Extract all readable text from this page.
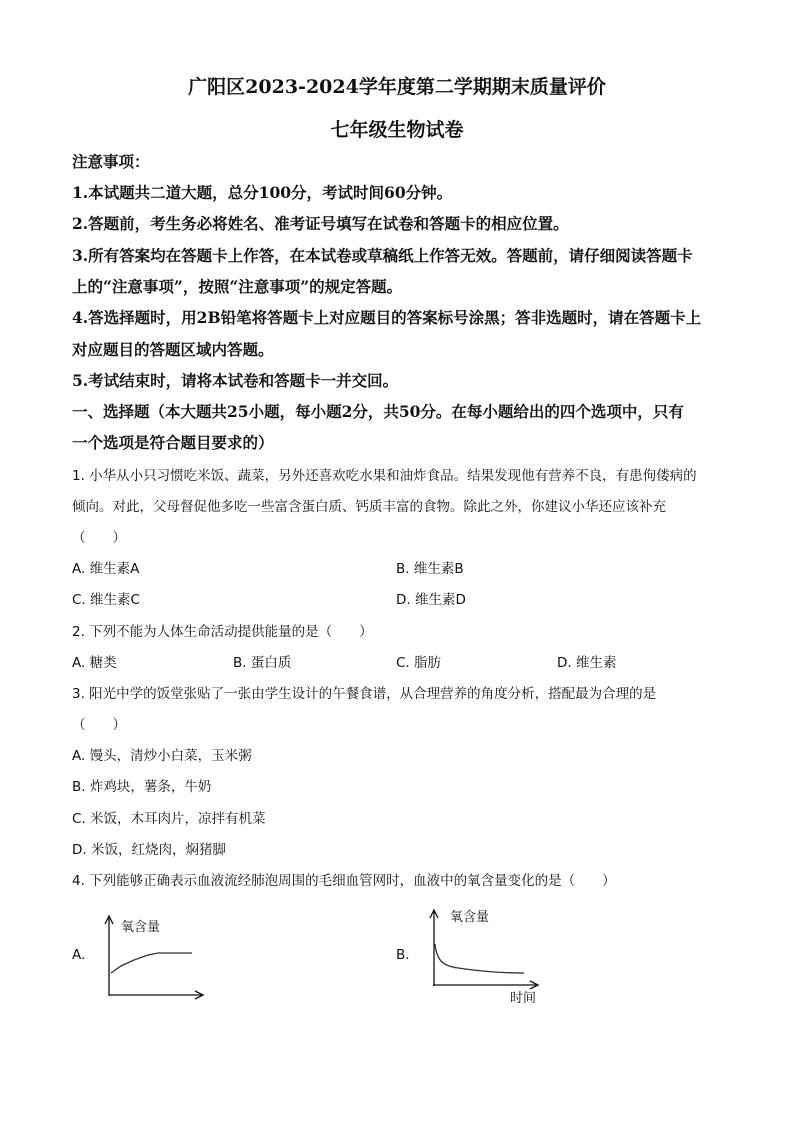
广阳区2023-2024学年度第二学期期末质量评价
七年级生物试卷
注意事项：
1.本试题共二道大题，总分100分，考试时间60分钟。
2.答题前，考生务必将姓名、准考证号填写在试卷和答题卡的相应位置。
3.所有答案均在答题卡上作答，在本试卷或草稿纸上作答无效。答题前，请仔细阅读答题卡
上的“注意事项”，按照“注意事项”的规定答题。
4.答选择题时，用2B铅笔将答题卡上对应题目的答案标号涂黑；答非选题时，请在答题卡上
对应题目的答题区域内答题。
5.考试结束时，请将本试卷和答题卡一并交回。
一、选择题（本大题共25小题，每小题2分，共50分。在每小题给出的四个选项中，只有
一个选项是符合题目要求的）
1. 小华从小只习惯吃米饭、蔬菜，另外还喜欢吃水果和油炸食品。结果发现他有营养不良，有患佝偻病的
倾向。对此，父母督促他多吃一些富含蛋白质、钙质丰富的食物。除此之外，你建议小华还应该补充
（　　）
A. 维生素A	B. 维生素B
C. 维生素C	D. 维生素D
2. 下列不能为人体生命活动提供能量的是（　　）
A. 糖类	B. 蛋白质	C. 脂肪	D. 维生素
3. 阳光中学的饭堂张贴了一张由学生设计的午餐食谱，从合理营养的角度分析，搭配最为合理的是
（　　）
A. 馒头，清炒小白菜，玉米粥
B. 炸鸡块，薯条，牛奶
C. 米饭，木耳肉片，凉拌有机菜
D. 米饭，红烧肉，焖猪脚
4. 下列能够正确表示血液流经肺泡周围的毛细血管网时，血液中的氧含量变化的是（　　）
A.
氧含量
B.
氧含量
时间
